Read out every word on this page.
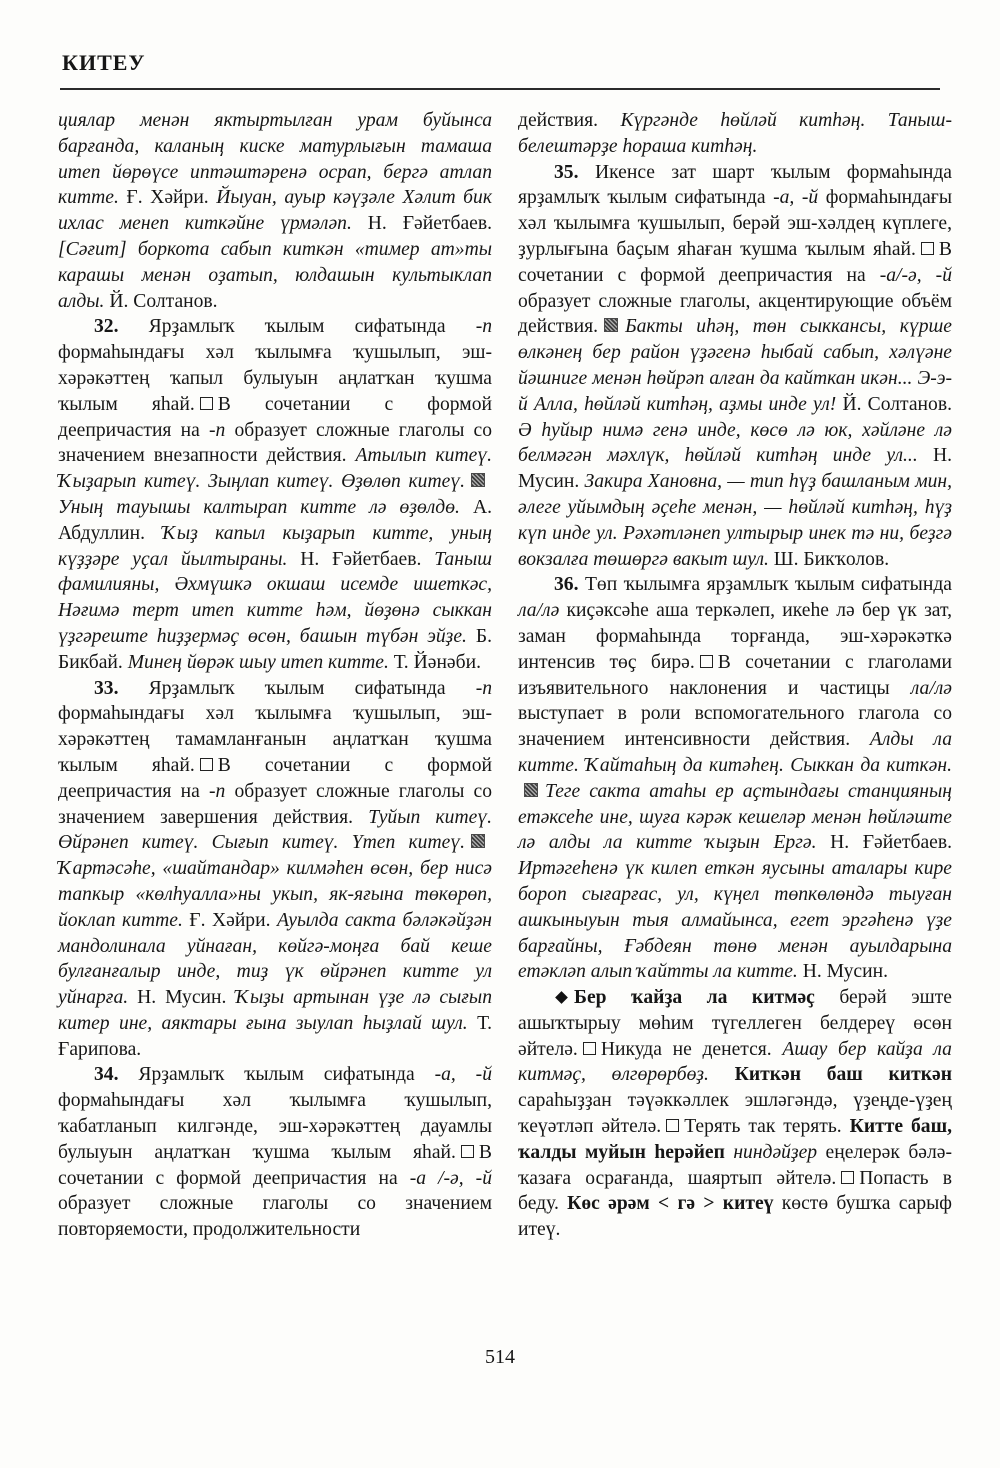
КИТЕУ

циялар менән яктыртылған урам буйынса барғанда, каланың киске матурлығын тамаша итеп йөрөүсе иптәштәренә осрап, бергә атлап китте. Ғ. Хәйри. Йыуан, ауыр кәүҙәле Хәлит бик ихлас менеп киткәйне үрмәләп. Н. Ғәйетбаев. [Сәғит] боркота сабып киткән «тимер ат»ты карашы менән оҙатып, юлдашын культыклап алды. Й. Солтанов.

32. Ярҙамлыҡ ҡылым сифатында -п формаһындағы хәл ҡылымға ҡушылып, эш-хәрәкәттең ҡапыл булыуын аңлатҡан ҡушма ҡылым яһай. В сочетании с формой деепричастия на -п образует сложные глаголы со значением внезапности действия. Атылып китеү. Ҡыҙарып китеү. Зыңлап китеү. Өҙөлөп китеү.Уның тауышы калтырап китте лә өҙөлдө. А. Абдуллин. Ҡыҙ капыл кыҙарып китте, уның күҙҙәре уҫал йылтыраны. Н. Ғәйетбаев. Таныш фамилияны, Әхмүшкә окшаш исемде ишеткәс, Нәғимә терт итеп китте һәм, йөҙөнә сыккан үҙгәреште һиҙҙермәҫ өсөн, башын түбән эйҙе. Б. Бикбай. Минең йөрәк шыу итеп китте. Т. Йәнәби.

33. Ярҙамлыҡ ҡылым сифатында -п формаһындағы хәл ҡылымға ҡушылып, эш-хәрәкәттең тамамланғанын аңлатҡан ҡушма ҡылым яһай. В сочетании с формой деепричастия на -п образует сложные глаголы со значением завершения действия. Туйып китеү. Өйрәнеп китеү. Сығып китеү. Үтеп китеү.Ҡартәсәһе, «шайтандар» килмәһен өсөн, бер нисә тапкыр «көлһуалла»ны укып, як-яғына төкөрөп, йоклап китте. Ғ. Хәйри. Ауылда сакта бәләкәйҙән мандолинала уйнаған, көйгә-моңға бай кеше булғанғалыр инде, тиҙ үк өйрәнеп китте ул уйнарға. Н. Мусин. Ҡыҙы артынан үҙе лә сығып китер ине, аяктары ғына зыулап һыҙлай шул. Т. Ғарипова.

34. Ярҙамлыҡ ҡылым сифатында -а, -й формаһындағы хәл ҡылымға ҡушылып, ҡабатланып килгәнде, эш-хәрәкәттең дауамлы булыуын аңлатҡан ҡушма ҡылым яһай. В сочетании с формой деепричастия на -а /-ә, -й образует сложные глаголы со значением повторяемости, продолжительности

действия. Күргәнде һөйләй китһәң. Таныш-белештәрҙе һораша китһәң.

35. Икенсе зат шарт ҡылым формаһында ярҙамлыҡ ҡылым сифатында -а, -й формаһындағы хәл ҡылымға ҡушылып, берәй эш-хәлдең күплеге, ҙурлығына баҫым яһаған ҡушма ҡылым яһай. В сочетании с формой деепричастия на -а/-ә, -й образует сложные глаголы, акцентирующие объём действия. Бакты иһәң, төн сыккансы, күрше өлкәнең бер район үҙәгенә һыбай сабып, хәлүәне йәшниге менән һөйрәп алған да кайткан икән... Э-э-й Алла, һөйләй китһәң, аҙмы инде ул! Й. Солтанов. Ә һуйыр нимә генә инде, көсө лә юк, хәйләне лә белмәгән мәхлүк, һөйләй китһәң инде ул... Н. Мусин. Закира Хановна, — тип һүҙ башланым мин, әлеге уйымдың әҫеһе менән, — һөйләй китһәң, һүҙ күп инде ул. Рәхәтләнеп ултырыр инек тә ни, беҙгә вокзалға төшөргә вакыт шул. Ш. Бикҡолов.

36. Төп ҡылымға ярҙамлыҡ ҡылым сифатында ла/лә киҫәксәһе аша теркәлеп, икеһе лә бер үк зат, заман формаһында торғанда, эш-хәрәкәткә интенсив төҫ бирә. В сочетании с глаголами изъявительного наклонения и частицы ла/лә выступает в роли вспомогательного глагола со значением интенсивности действия. Алды ла китте. Ҡайтаһың да китәһең. Сыккан да киткән.Теге сакта атаһы ер аҫтындағы станцияның етәксеһе ине, шуға кәрәк кешеләр менән һөйләште лә алды ла китте ҡыҙын Ергә. Н. Ғәйетбаев. Иртәгеһенә үк килеп еткән яусыны аталары кире бороп сығарғас, ул, күңел төпкөлөндә тыуған ашкыныуын тыя алмайынса, егет эргәһенә үҙе барғайны, Ғәбдеян төнө менән ауылдарына етәкләп алып ҡайтты ла китте. Н. Мусин.

Бер ҡайҙа ла китмәҫ берәй эште ашыҡтырыу мөһим түгеллеген белдереү өсөн әйтелә. Никуда не денется. Ашау бер кайҙа ла китмәҫ, өлгөрөрбөҙ. Киткән баш киткән сараһыҙҙан тәүәккәллек эшләгәндә, үҙеңде-үҙең ҡеүәтләп әйтелә. Терять так терять. Китте баш, ҡалды муйын һерәйеп ниндәйҙер еңелерәк бәлә-ҡазаға осрағанда, шаяртып әйтелә. Попасть в беду. Көс әрәм < гә > китеү көстө бушҡа сарыф итеү.

514
